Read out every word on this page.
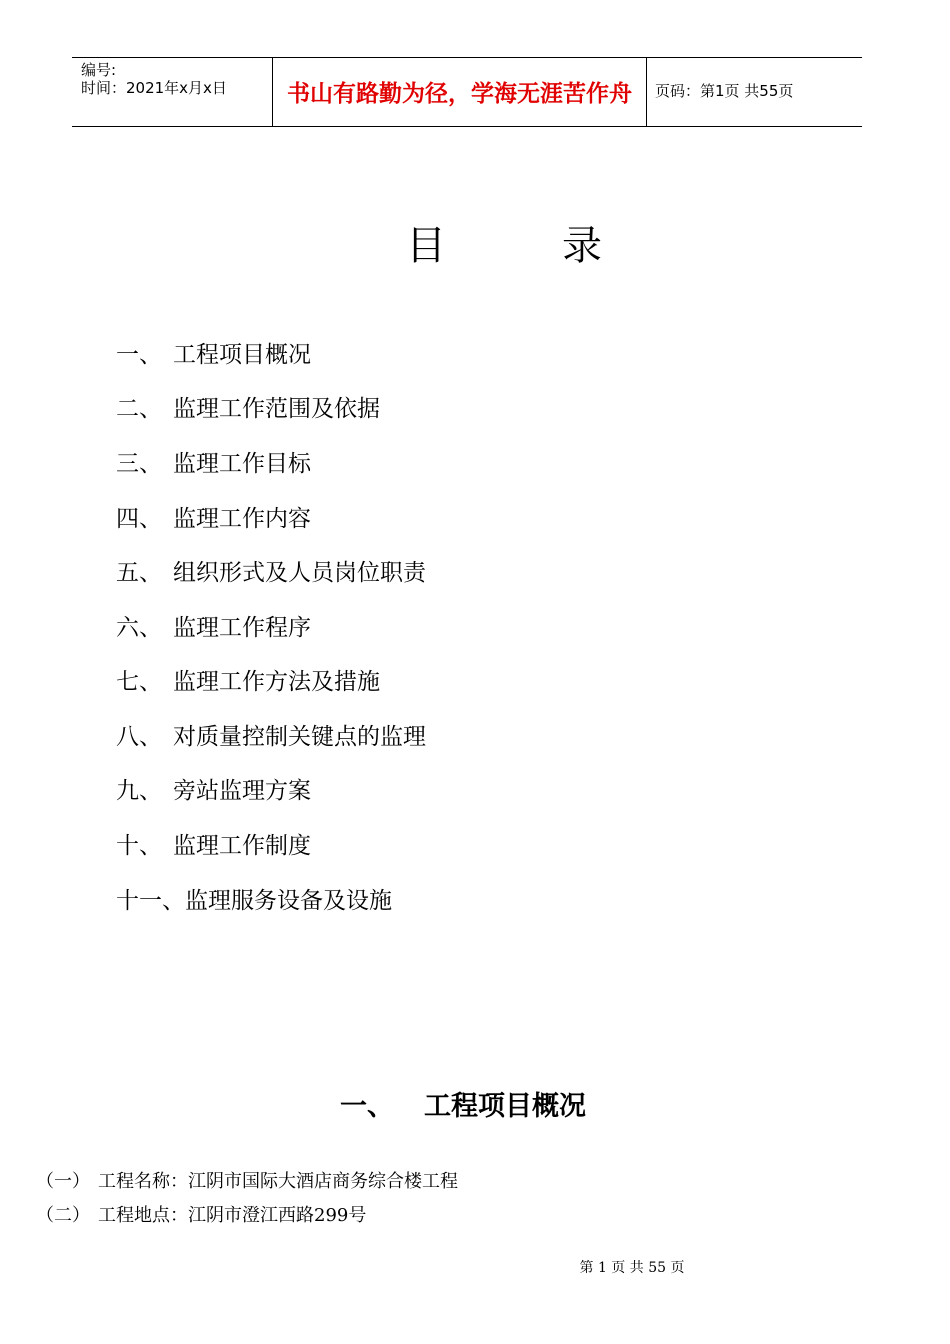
编号:
时间：2021年x月x日	书山有路勤为径，学海无涯苦作舟	页码：第1页 共55页
目 录
一、 工程项目概况
二、 监理工作范围及依据
三、 监理工作目标
四、 监理工作内容
五、 组织形式及人员岗位职责
六、 监理工作程序
七、 监理工作方法及措施
八、 对质量控制关键点的监理
九、 旁站监理方案
十、 监理工作制度
十一、监理服务设备及设施
一、 工程项目概况
（一） 工程名称：江阴市国际大酒店商务综合楼工程
（二） 工程地点：江阴市澄江西路299号
第 1 页 共 55 页
